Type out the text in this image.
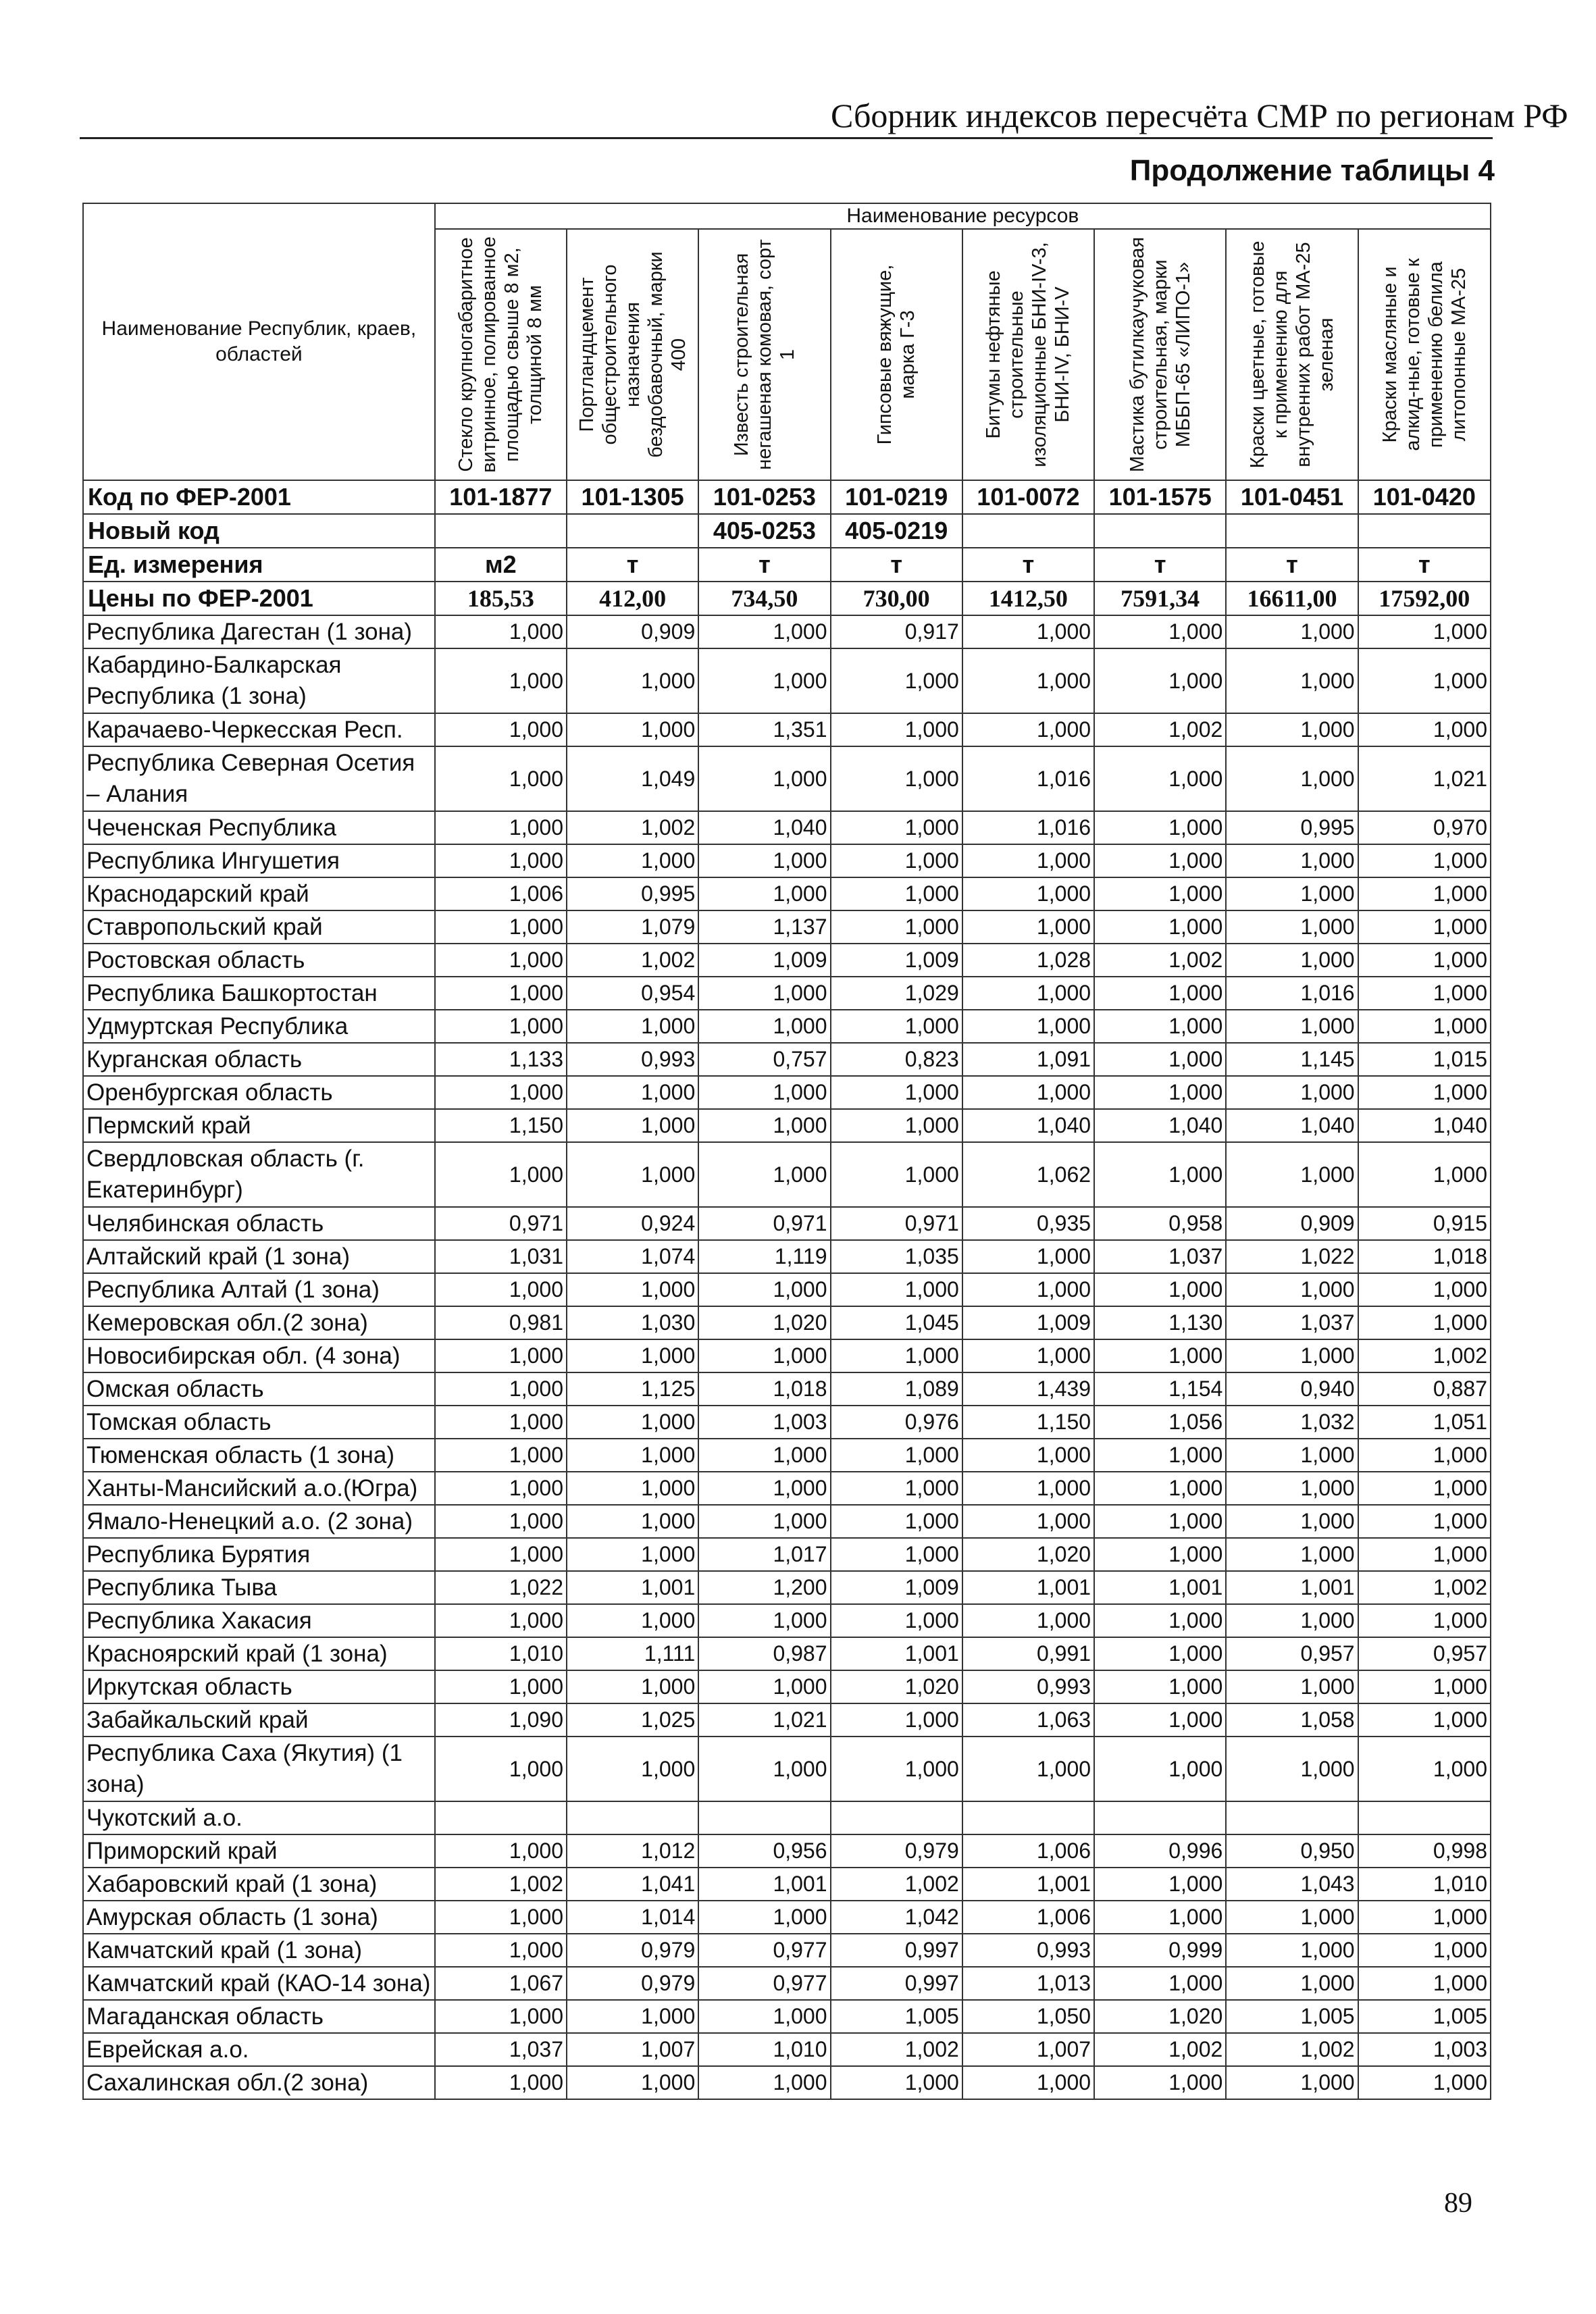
Сборник индексов пересчёта СМР по регионам РФ
Продолжение таблицы 4
Наименование Республик, краев, областей	Наименование ресурсов							

	Стекло крупногабаритное витринное, полированное площадью свыше 8 м2, толщиной 8 мм	Портландцемент общестроительного назначения бездобавочный, марки 400	Известь строительная негашеная комовая, сорт 1	Гипсовые вяжущие, марка Г-3	Битумы нефтяные строительные изоляционные БНИ-IV-3, БНИ-IV, БНИ-V	Мастика бутилкаучуковая строительная, марки МББП-65 «ЛИПО-1»	Краски цветные, готовые к применению для внутренних работ МА-25 зеленая	Краски масляные и алкид-ные, готовые к применению белила литопонные МА-25

Код по ФЕР-2001	101-1877	101-1305	101-0253	101-0219	101-0072	101-1575	101-0451	101-0420
Новый код			405-0253	405-0219				
Ед. измерения	м2	т	т	т	т	т	т	т
Цены по ФЕР-2001	185,53	412,00	734,50	730,00	1412,50	7591,34	16611,00	17592,00
Республика Дагестан (1 зона)	1,000	0,909	1,000	0,917	1,000	1,000	1,000	1,000
Кабардино-Балкарская Республика (1 зона)	1,000	1,000	1,000	1,000	1,000	1,000	1,000	1,000
Карачаево-Черкесская Респ.	1,000	1,000	1,351	1,000	1,000	1,002	1,000	1,000
Республика Северная Осетия – Алания	1,000	1,049	1,000	1,000	1,016	1,000	1,000	1,021
Чеченская Республика	1,000	1,002	1,040	1,000	1,016	1,000	0,995	0,970
Республика Ингушетия	1,000	1,000	1,000	1,000	1,000	1,000	1,000	1,000
Краснодарский край	1,006	0,995	1,000	1,000	1,000	1,000	1,000	1,000
Ставропольский край	1,000	1,079	1,137	1,000	1,000	1,000	1,000	1,000
Ростовская область	1,000	1,002	1,009	1,009	1,028	1,002	1,000	1,000
Республика Башкортостан	1,000	0,954	1,000	1,029	1,000	1,000	1,016	1,000
Удмуртская Республика	1,000	1,000	1,000	1,000	1,000	1,000	1,000	1,000
Курганская область	1,133	0,993	0,757	0,823	1,091	1,000	1,145	1,015
Оренбургская область	1,000	1,000	1,000	1,000	1,000	1,000	1,000	1,000
Пермский край	1,150	1,000	1,000	1,000	1,040	1,040	1,040	1,040
Свердловская область (г. Екатеринбург)	1,000	1,000	1,000	1,000	1,062	1,000	1,000	1,000
Челябинская область	0,971	0,924	0,971	0,971	0,935	0,958	0,909	0,915
Алтайский край (1 зона)	1,031	1,074	1,119	1,035	1,000	1,037	1,022	1,018
Республика Алтай (1 зона)	1,000	1,000	1,000	1,000	1,000	1,000	1,000	1,000
Кемеровская обл.(2 зона)	0,981	1,030	1,020	1,045	1,009	1,130	1,037	1,000
Новосибирская обл. (4 зона)	1,000	1,000	1,000	1,000	1,000	1,000	1,000	1,002
Омская область	1,000	1,125	1,018	1,089	1,439	1,154	0,940	0,887
Томская область	1,000	1,000	1,003	0,976	1,150	1,056	1,032	1,051
Тюменская область (1 зона)	1,000	1,000	1,000	1,000	1,000	1,000	1,000	1,000
Ханты-Мансийский а.о.(Югра)	1,000	1,000	1,000	1,000	1,000	1,000	1,000	1,000
Ямало-Ненецкий а.о. (2 зона)	1,000	1,000	1,000	1,000	1,000	1,000	1,000	1,000
Республика Бурятия	1,000	1,000	1,017	1,000	1,020	1,000	1,000	1,000
Республика Тыва	1,022	1,001	1,200	1,009	1,001	1,001	1,001	1,002
Республика Хакасия	1,000	1,000	1,000	1,000	1,000	1,000	1,000	1,000
Красноярский край (1 зона)	1,010	1,111	0,987	1,001	0,991	1,000	0,957	0,957
Иркутская область	1,000	1,000	1,000	1,020	0,993	1,000	1,000	1,000
Забайкальский край	1,090	1,025	1,021	1,000	1,063	1,000	1,058	1,000
Республика Саха (Якутия) (1 зона)	1,000	1,000	1,000	1,000	1,000	1,000	1,000	1,000
Чукотский а.о.								
Приморский край	1,000	1,012	0,956	0,979	1,006	0,996	0,950	0,998
Хабаровский край (1 зона)	1,002	1,041	1,001	1,002	1,001	1,000	1,043	1,010
Амурская область (1 зона)	1,000	1,014	1,000	1,042	1,006	1,000	1,000	1,000
Камчатский край (1 зона)	1,000	0,979	0,977	0,997	0,993	0,999	1,000	1,000
Камчатский край (КАО-14 зона)	1,067	0,979	0,977	0,997	1,013	1,000	1,000	1,000
Магаданская область	1,000	1,000	1,000	1,005	1,050	1,020	1,005	1,005
Еврейская а.о.	1,037	1,007	1,010	1,002	1,007	1,002	1,002	1,003
Сахалинская обл.(2 зона)	1,000	1,000	1,000	1,000	1,000	1,000	1,000	1,000
89
